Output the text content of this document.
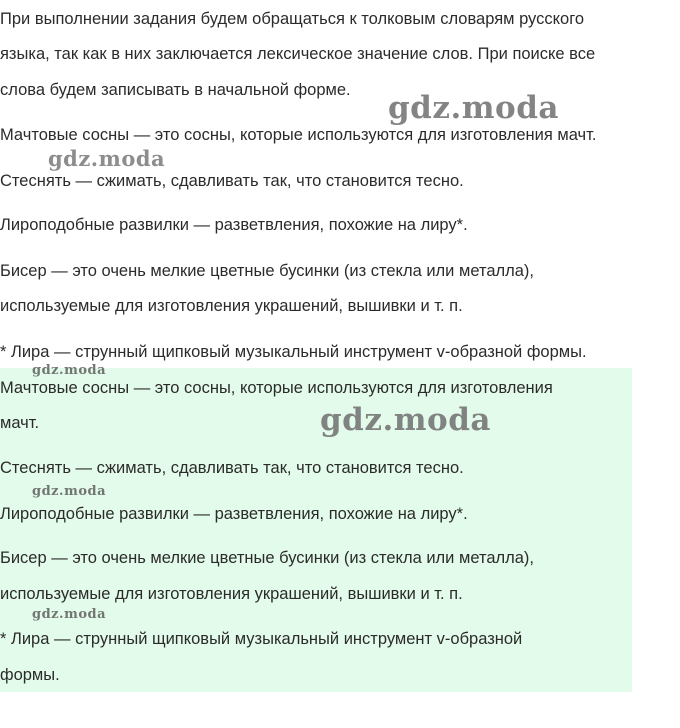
При выполнении задания будем обращаться к толковым словарям русского
языка, так как в них заключается лексическое значение слов. При поиске все
слова будем записывать в начальной форме.
Мачтовые сосны — это сосны, которые используются для изготовления мачт.
Стеснять — сжимать, сдавливать так, что становится тесно.
Лироподобные развилки — разветвления, похожие на лиру*.
Бисер — это очень мелкие цветные бусинки (из стекла или металла),
используемые для изготовления украшений, вышивки и т. п.
* Лира — струнный щипковый музыкальный инструмент v-образной формы.
Мачтовые сосны — это сосны, которые используются для изготовления
мачт.
Стеснять — сжимать, сдавливать так, что становится тесно.
Лироподобные развилки — разветвления, похожие на лиру*.
Бисер — это очень мелкие цветные бусинки (из стекла или металла),
используемые для изготовления украшений, вышивки и т. п.
* Лира — струнный щипковый музыкальный инструмент v-образной
формы.
gdz.moda
gdz.moda
gdz.moda
gdz.moda
gdz.moda
gdz.moda
